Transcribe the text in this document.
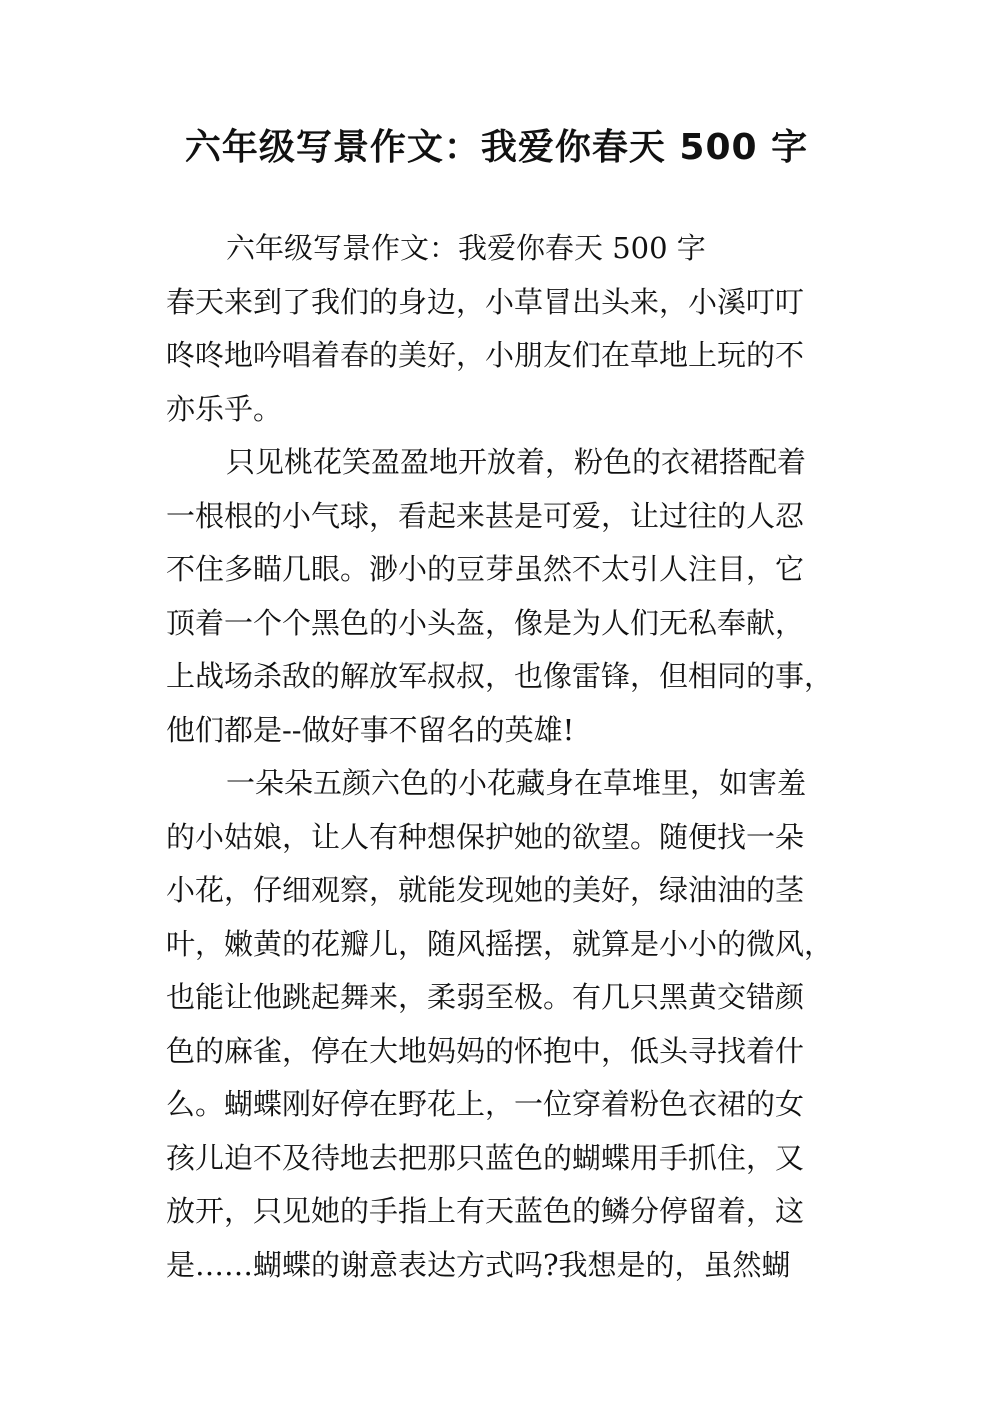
六年级写景作文：我爱你春天 500 字
六年级写景作文：我爱你春天 500 字
春天来到了我们的身边，小草冒出头来，小溪叮叮
咚咚地吟唱着春的美好，小朋友们在草地上玩的不
亦乐乎。
只见桃花笑盈盈地开放着，粉色的衣裙搭配着
一根根的小气球，看起来甚是可爱，让过往的人忍
不住多瞄几眼。渺小的豆芽虽然不太引人注目，它
顶着一个个黑色的小头盔，像是为人们无私奉献，
上战场杀敌的解放军叔叔，也像雷锋，但相同的事，
他们都是--做好事不留名的英雄!
一朵朵五颜六色的小花藏身在草堆里，如害羞
的小姑娘，让人有种想保护她的欲望。随便找一朵
小花，仔细观察，就能发现她的美好，绿油油的茎
叶，嫩黄的花瓣儿，随风摇摆，就算是小小的微风，
也能让他跳起舞来，柔弱至极。有几只黑黄交错颜
色的麻雀，停在大地妈妈的怀抱中，低头寻找着什
么。蝴蝶刚好停在野花上，一位穿着粉色衣裙的女
孩儿迫不及待地去把那只蓝色的蝴蝶用手抓住，又
放开，只见她的手指上有天蓝色的鳞分停留着，这
是……蝴蝶的谢意表达方式吗?我想是的，虽然蝴
